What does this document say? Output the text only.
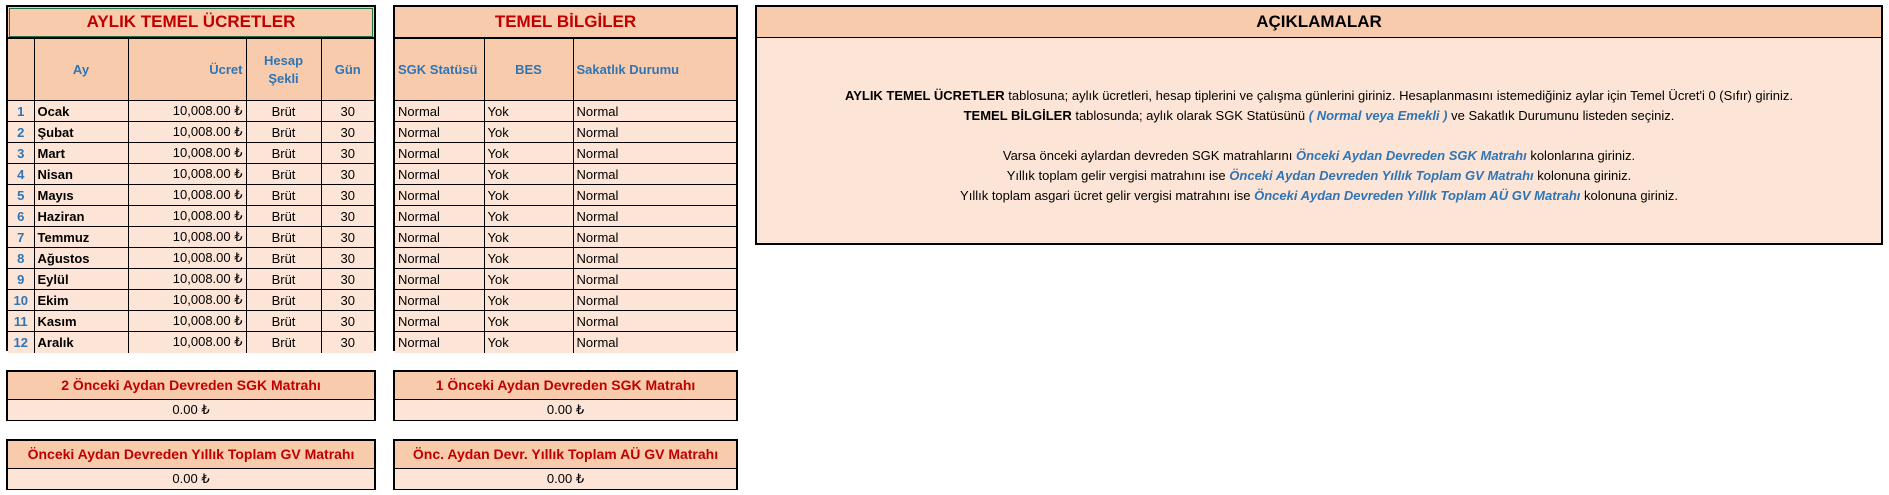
AYLIK TEMEL ÜCRETLER
	Ay	Ücret	Hesap Şekli	Gün
1	Ocak	10,008.00 ₺	Brüt	30
2	Şubat	10,008.00 ₺	Brüt	30
3	Mart	10,008.00 ₺	Brüt	30
4	Nisan	10,008.00 ₺	Brüt	30
5	Mayıs	10,008.00 ₺	Brüt	30
6	Haziran	10,008.00 ₺	Brüt	30
7	Temmuz	10,008.00 ₺	Brüt	30
8	Ağustos	10,008.00 ₺	Brüt	30
9	Eylül	10,008.00 ₺	Brüt	30
10	Ekim	10,008.00 ₺	Brüt	30
11	Kasım	10,008.00 ₺	Brüt	30
12	Aralık	10,008.00 ₺	Brüt	30
TEMEL BİLGİLER
SGK Statüsü	BES	Sakatlık Durumu
Normal	Yok	Normal
Normal	Yok	Normal
Normal	Yok	Normal
Normal	Yok	Normal
Normal	Yok	Normal
Normal	Yok	Normal
Normal	Yok	Normal
Normal	Yok	Normal
Normal	Yok	Normal
Normal	Yok	Normal
Normal	Yok	Normal
Normal	Yok	Normal
2 Önceki Aydan Devreden SGK Matrahı
0.00 ₺
1 Önceki Aydan Devreden SGK Matrahı
0.00 ₺
Önceki Aydan Devreden Yıllık Toplam GV Matrahı
0.00 ₺
Önc. Aydan Devr. Yıllık Toplam AÜ GV Matrahı
0.00 ₺
AÇIKLAMALAR

AYLIK TEMEL ÜCRETLER tablosuna; aylık ücretleri, hesap tiplerini ve çalışma günlerini giriniz. Hesaplanmasını istemediğiniz aylar için Temel Ücret'i 0 (Sıfır) giriniz.

TEMEL BİLGİLER tablosunda; aylık olarak SGK Statüsünü ( Normal veya Emekli ) ve Sakatlık Durumunu listeden seçiniz.

Varsa önceki aylardan devreden SGK matrahlarını Önceki Aydan Devreden SGK Matrahı kolonlarına giriniz.

Yıllık toplam gelir vergisi matrahını ise Önceki Aydan Devreden Yıllık Toplam GV Matrahı kolonuna giriniz.

Yıllık toplam asgari ücret gelir vergisi matrahını ise Önceki Aydan Devreden Yıllık Toplam AÜ GV Matrahı kolonuna giriniz.
